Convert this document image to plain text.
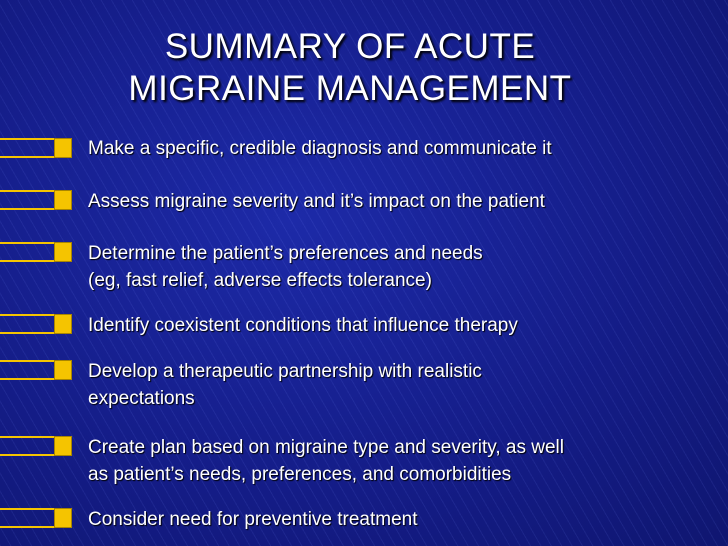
SUMMARY OF ACUTE
MIGRAINE MANAGEMENT
Make a specific, credible diagnosis and communicate it
Assess migraine severity and it’s impact on the patient
Determine the patient’s preferences and needs
(eg, fast relief, adverse effects tolerance)
Identify coexistent conditions that influence therapy
Develop a therapeutic partnership with realistic
expectations
Create plan based on migraine type and severity, as well
as patient’s needs, preferences, and comorbidities
Consider need for preventive treatment
